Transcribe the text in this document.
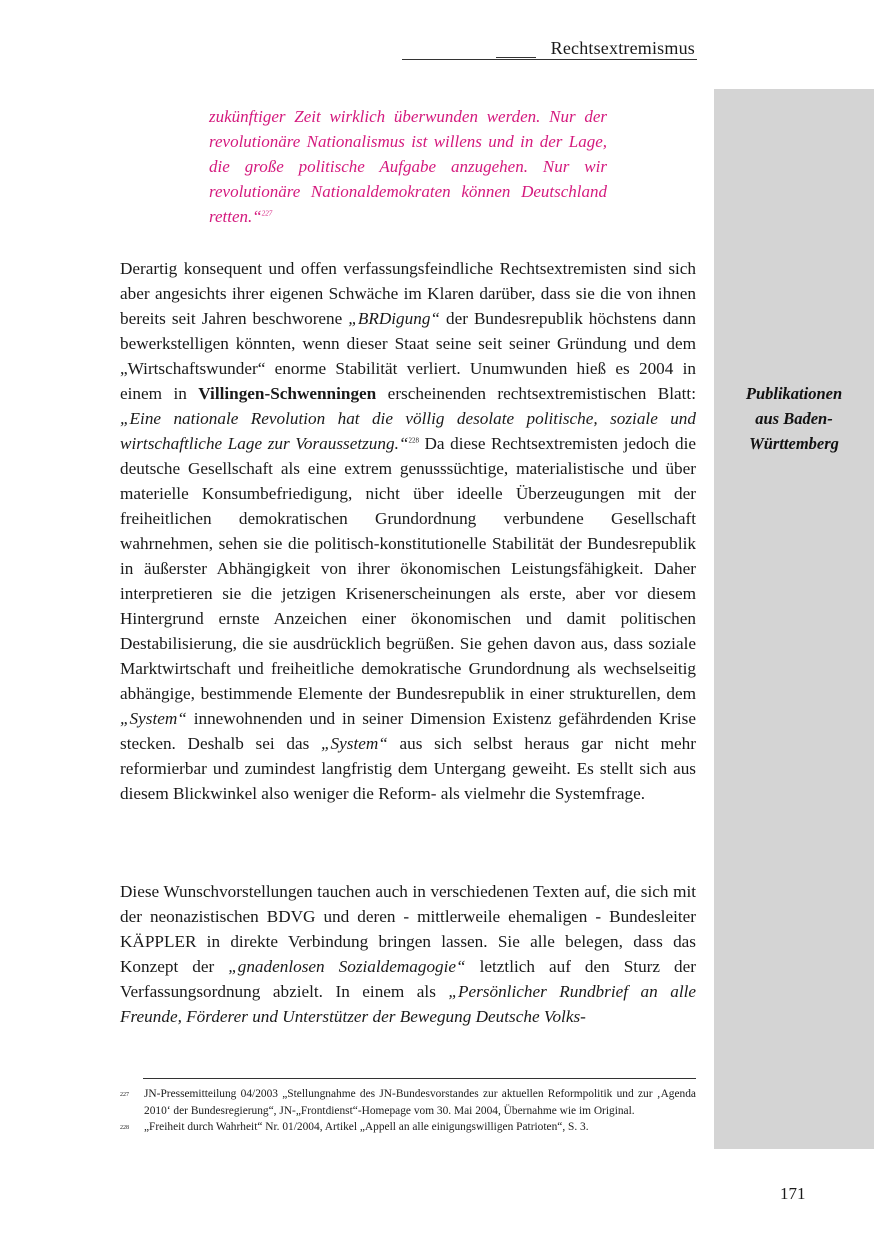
Rechtsextremismus
Publikationen
aus Baden-
Württemberg
zukünftiger Zeit wirklich überwunden werden. Nur der revolutionäre Nationalismus ist willens und in der Lage, die große politische Aufgabe anzugehen. Nur wir revolutionäre Nationaldemokraten können Deutschland retten.“$^{227}$
Derartig konsequent und offen verfassungsfeindliche Rechtsextremisten sind sich aber angesichts ihrer eigenen Schwäche im Klaren darüber, dass sie die von ihnen bereits seit Jahren beschworene „BRDigung“ der Bundesrepublik höchstens dann bewerkstelligen könnten, wenn dieser Staat seine seit seiner Gründung und dem „Wirtschaftswunder“ enorme Stabilität verliert. Unumwunden hieß es 2004 in einem in Villingen-Schwenningen erscheinenden rechtsextremistischen Blatt: „Eine nationale Revolution hat die völlig desolate politische, soziale und wirtschaftliche Lage zur Voraussetzung.“$^{228}$ Da diese Rechtsextremisten jedoch die deutsche Gesellschaft als eine extrem genusssüchtige, materialistische und über materielle Konsumbefriedigung, nicht über ideelle Überzeugungen mit der freiheitlichen demokratischen Grundordnung verbundene Gesellschaft wahrnehmen, sehen sie die politisch-konstitutionelle Stabilität der Bundesrepublik in äußerster Abhängigkeit von ihrer ökonomischen Leistungsfähigkeit. Daher interpretieren sie die jetzigen Krisenerscheinungen als erste, aber vor diesem Hintergrund ernste Anzeichen einer ökonomischen und damit politischen Destabilisierung, die sie ausdrücklich begrüßen. Sie gehen davon aus, dass soziale Marktwirtschaft und freiheitliche demokratische Grundordnung als wechselseitig abhängige, bestimmende Elemente der Bundesrepublik in einer strukturellen, dem „System“ innewohnenden und in seiner Dimension Existenz gefährdenden Krise stecken. Deshalb sei das „System“ aus sich selbst heraus gar nicht mehr reformierbar und zumindest langfristig dem Untergang geweiht. Es stellt sich aus diesem Blickwinkel also weniger die Reform- als vielmehr die Systemfrage.
Diese Wunschvorstellungen tauchen auch in verschiedenen Texten auf, die sich mit der neonazistischen BDVG und deren - mittlerweile ehemaligen - Bundesleiter KÄPPLER in direkte Verbindung bringen lassen. Sie alle belegen, dass das Konzept der „gnadenlosen Sozialdemagogie“ letztlich auf den Sturz der Verfassungsordnung abzielt. In einem als „Persönlicher Rundbrief an alle Freunde, Förderer und Unterstützer der Bewegung Deutsche Volks-
227	JN-Pressemitteilung 04/2003 „Stellungnahme des JN-Bundesvorstandes zur aktuellen Reformpolitik und zur ‚Agenda 2010‘ der Bundesregierung“, JN-„Frontdienst“-Homepage vom 30. Mai 2004, Übernahme wie im Original.
228	„Freiheit durch Wahrheit“ Nr. 01/2004, Artikel „Appell an alle einigungswilligen Patrioten“, S. 3.
171
